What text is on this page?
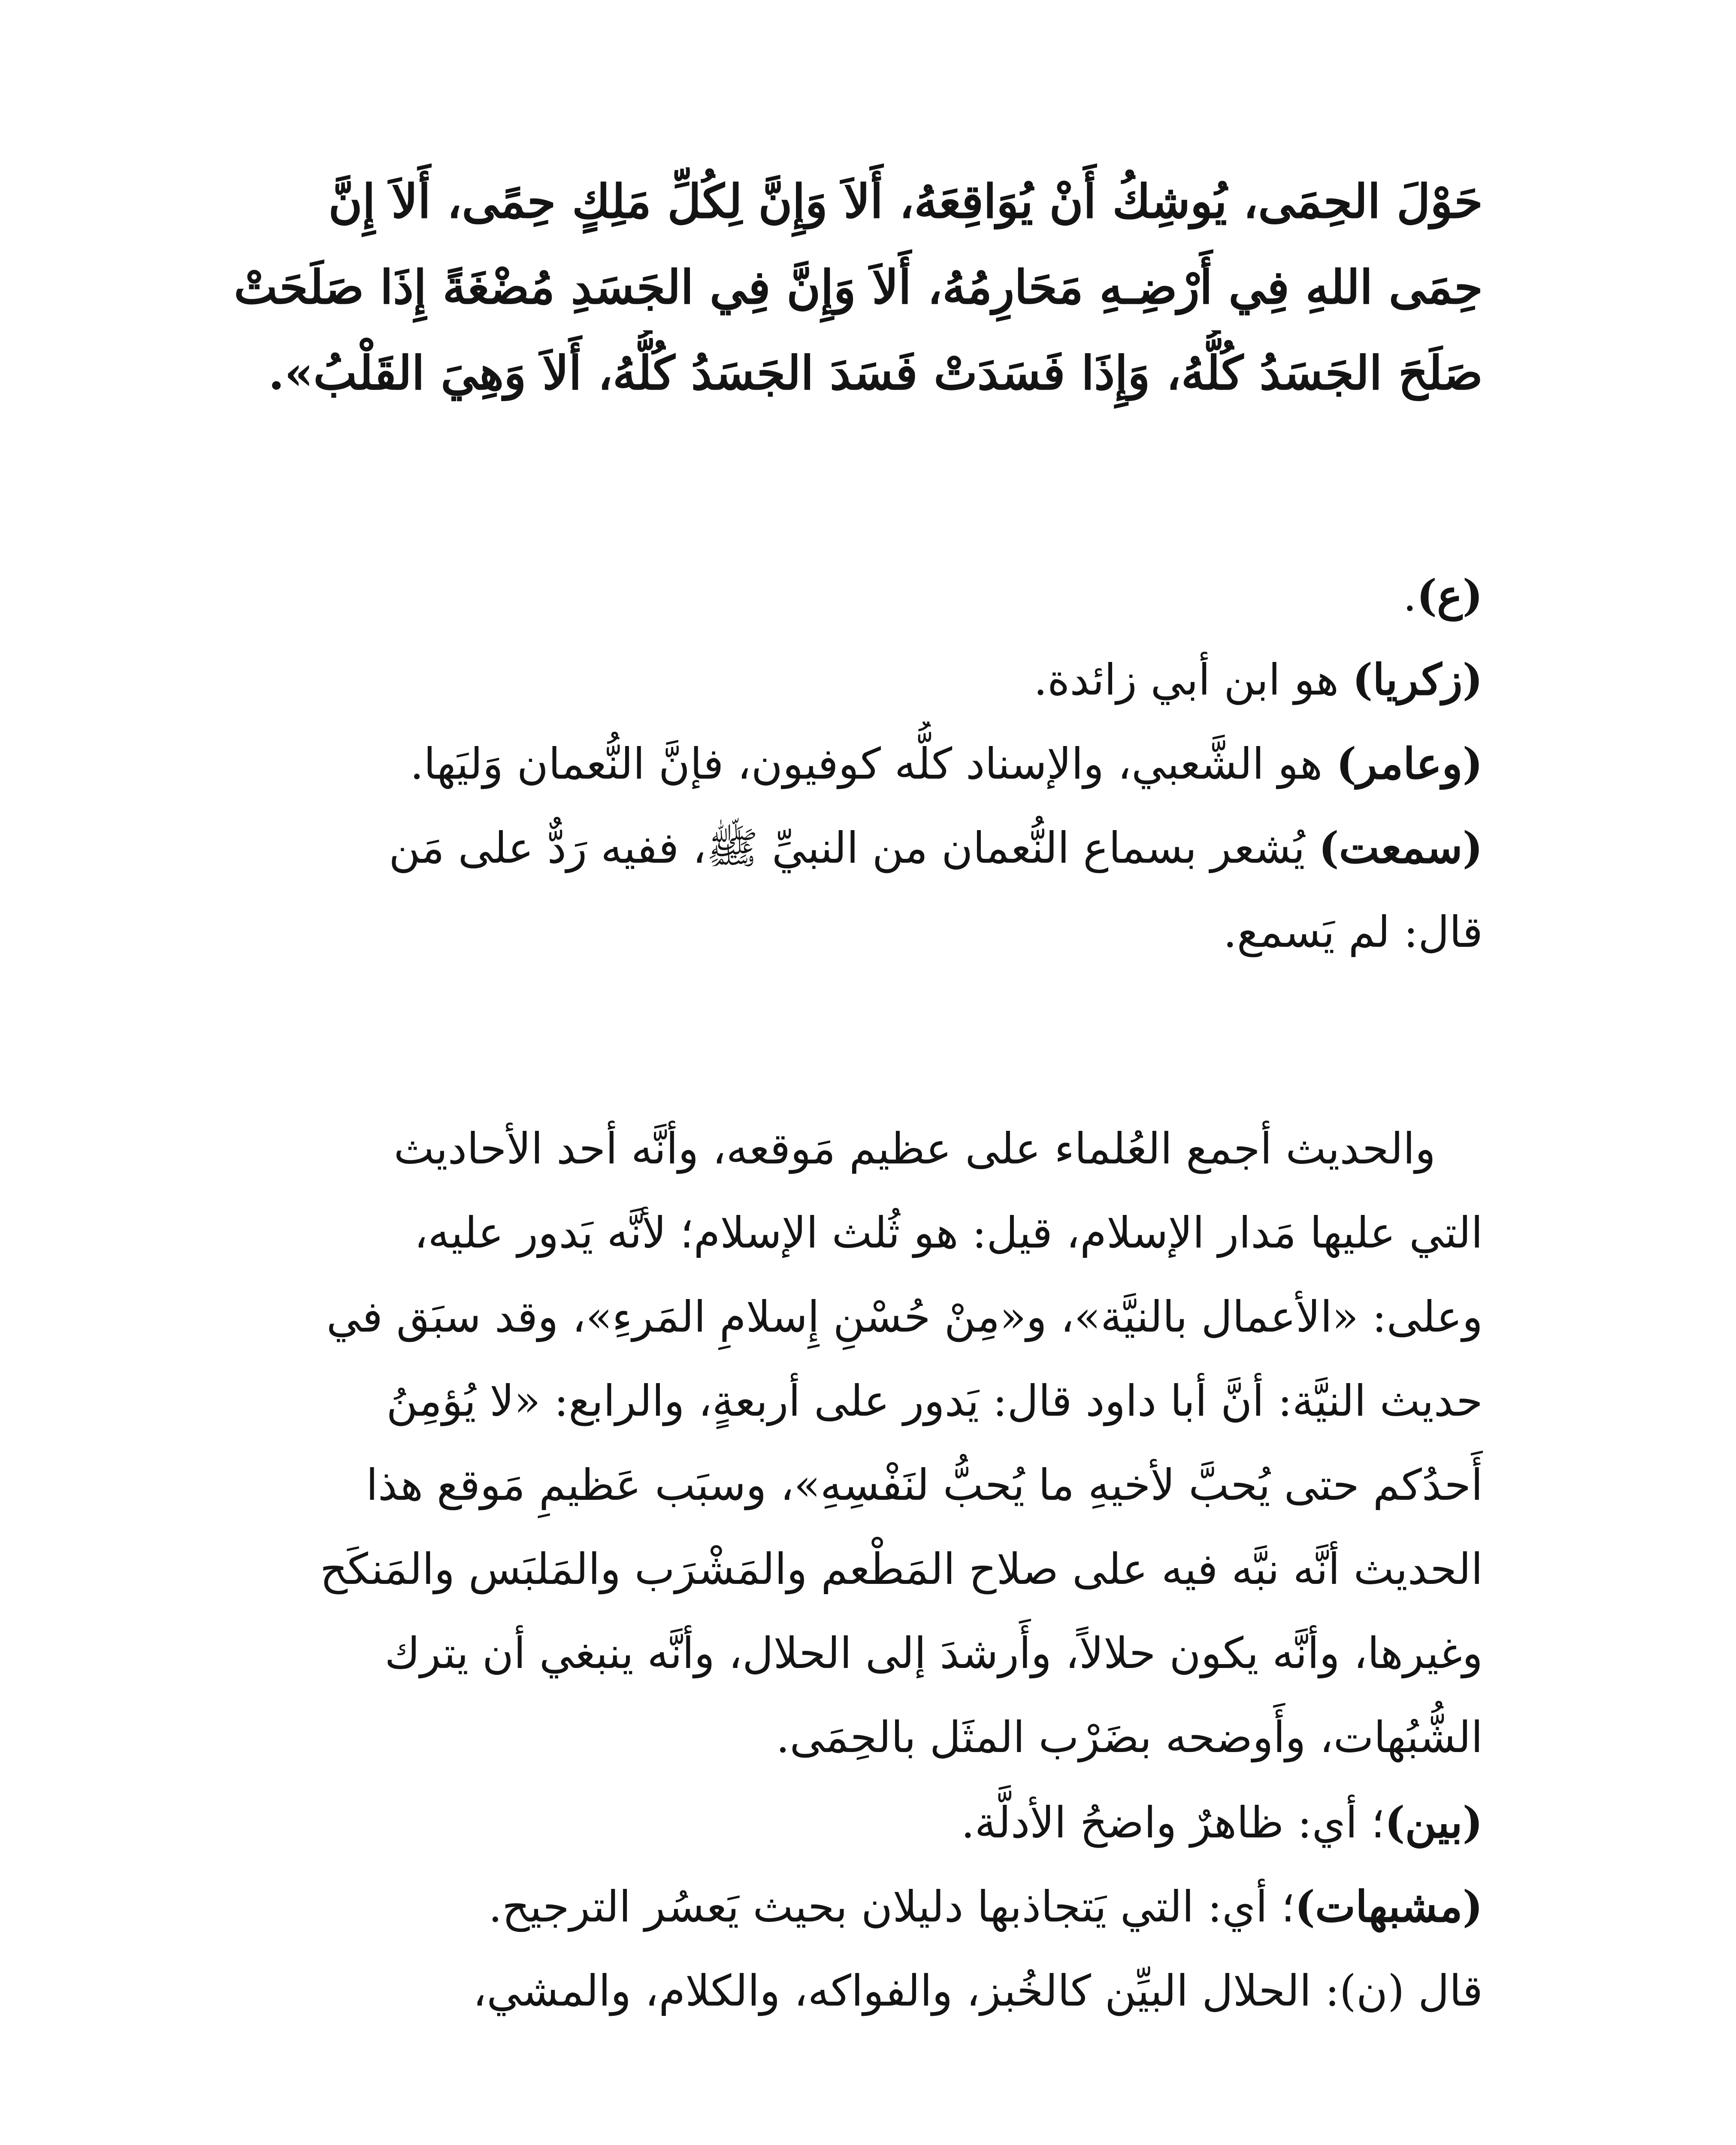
حَوْلَ الحِمَى، يُوشِكُ أَنْ يُوَاقِعَهُ، أَلاَ وَإِنَّ لِكُلِّ مَلِكٍ حِمًى، أَلاَ إِنَّ
حِمَى اللهِ فِي أَرْضِـهِ مَحَارِمُهُ، أَلاَ وَإِنَّ فِي الجَسَدِ مُضْغَةً إِذَا صَلَحَتْ
صَلَحَ الجَسَدُ كُلُّهُ، وَإِذَا فَسَدَتْ فَسَدَ الجَسَدُ كُلُّهُ، أَلاَ وَهِيَ القَلْبُ».
(ع).
(زكريا) هو ابن أبي زائدة.
(وعامر) هو الشَّعبي، والإسناد كلُّه كوفيون، فإنَّ النُّعمان وَليَها.
(سمعت) يُشعر بسماع النُّعمان من النبيِّ ﷺ، ففيه رَدٌّ على مَن
قال: لم يَسمع.
والحديث أجمع العُلماء على عظيم مَوقعه، وأنَّه أحد الأحاديث
التي عليها مَدار الإسلام، قيل: هو ثُلث الإسلام؛ لأنَّه يَدور عليه،
وعلى: «الأعمال بالنيَّة»، و«مِنْ حُسْنِ إِسلامِ المَرءِ»، وقد سبَق في
حديث النيَّة: أنَّ أبا داود قال: يَدور على أربعةٍ، والرابع: «لا يُؤمِنُ
أَحدُكم حتى يُحبَّ لأخيهِ ما يُحبُّ لنَفْسِهِ»، وسبَب عَظيمِ مَوقع هذا
الحديث أنَّه نبَّه فيه على صلاح المَطْعم والمَشْرَب والمَلبَس والمَنكَح
وغيرها، وأنَّه يكون حلالاً، وأَرشدَ إلى الحلال، وأنَّه ينبغي أن يترك
الشُّبُهات، وأَوضحه بضَرْب المثَل بالحِمَى.
(بين)؛ أي: ظاهرٌ واضحُ الأدلَّة.
(مشبهات)؛ أي: التي يَتجاذبها دليلان بحيث يَعسُر الترجيح.
قال (ن): الحلال البيِّن كالخُبز، والفواكه، والكلام، والمشي،
